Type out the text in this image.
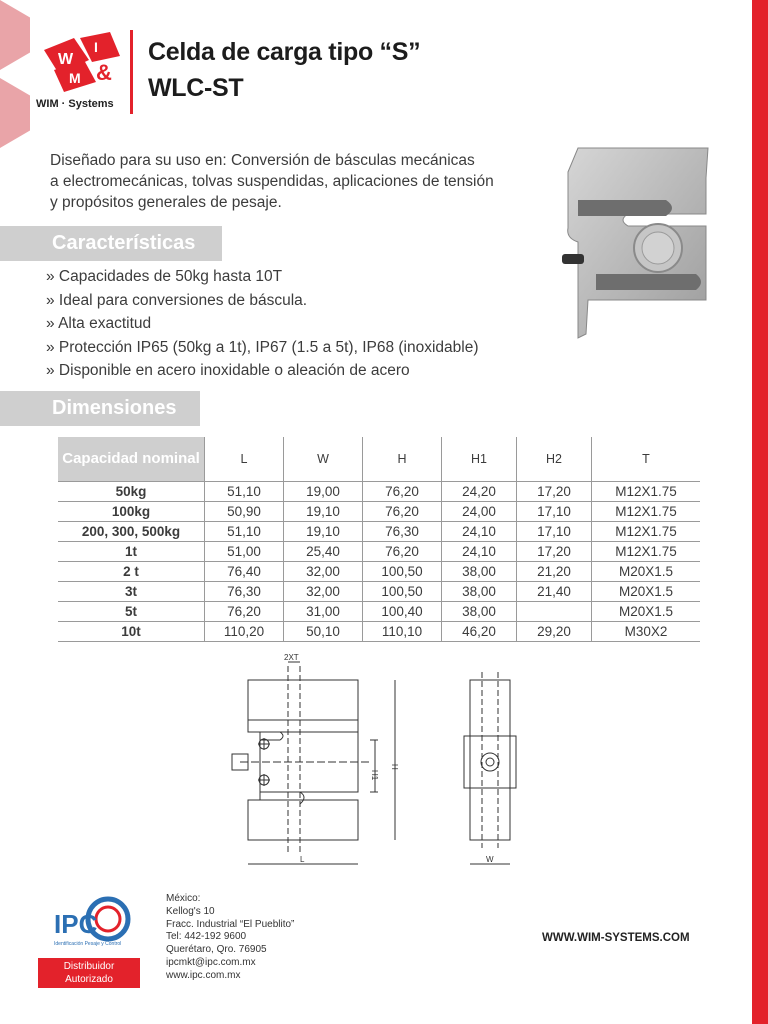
W
I
M &
WIM · Systems
Celda de carga tipo “S”
WLC-ST
Diseñado para su uso en: Conversión de básculas mecánicas
a electromecánicas, tolvas suspendidas, aplicaciones de tensión
y propósitos generales de pesaje.
Características
» Capacidades de 50kg hasta 10T
» Ideal para conversiones de báscula.
» Alta exactitud
» Protección IP65 (50kg a 1t), IP67 (1.5 a 5t), IP68 (inoxidable)
» Disponible en acero inoxidable o aleación de acero
Dimensiones
Capacidad nominal	L	W	H	H1	H2	T
50kg	51,10	19,00	76,20	24,20	17,20	M12X1.75
100kg	50,90	19,10	76,20	24,00	17,10	M12X1.75
200, 300, 500kg	51,10	19,10	76,30	24,10	17,10	M12X1.75
1t	51,00	25,40	76,20	24,10	17,20	M12X1.75
2 t	76,40	32,00	100,50	38,00	21,20	M20X1.5
3t	76,30	32,00	100,50	38,00	21,40	M20X1.5
5t	76,20	31,00	100,40	38,00		M20X1.5
10t	110,20	50,10	110,10	46,20	29,20	M30X2
2XT
H1
H
L	W
IPC
Identificación Pesaje y Control
Distribuidor
Autorizado
México:
Kellog's 10
Fracc. Industrial “El Pueblito”
Tel: 442-192 9600
Querétaro, Qro. 76905
ipcmkt@ipc.com.mx
www.ipc.com.mx
WWW.WIM-SYSTEMS.COM
